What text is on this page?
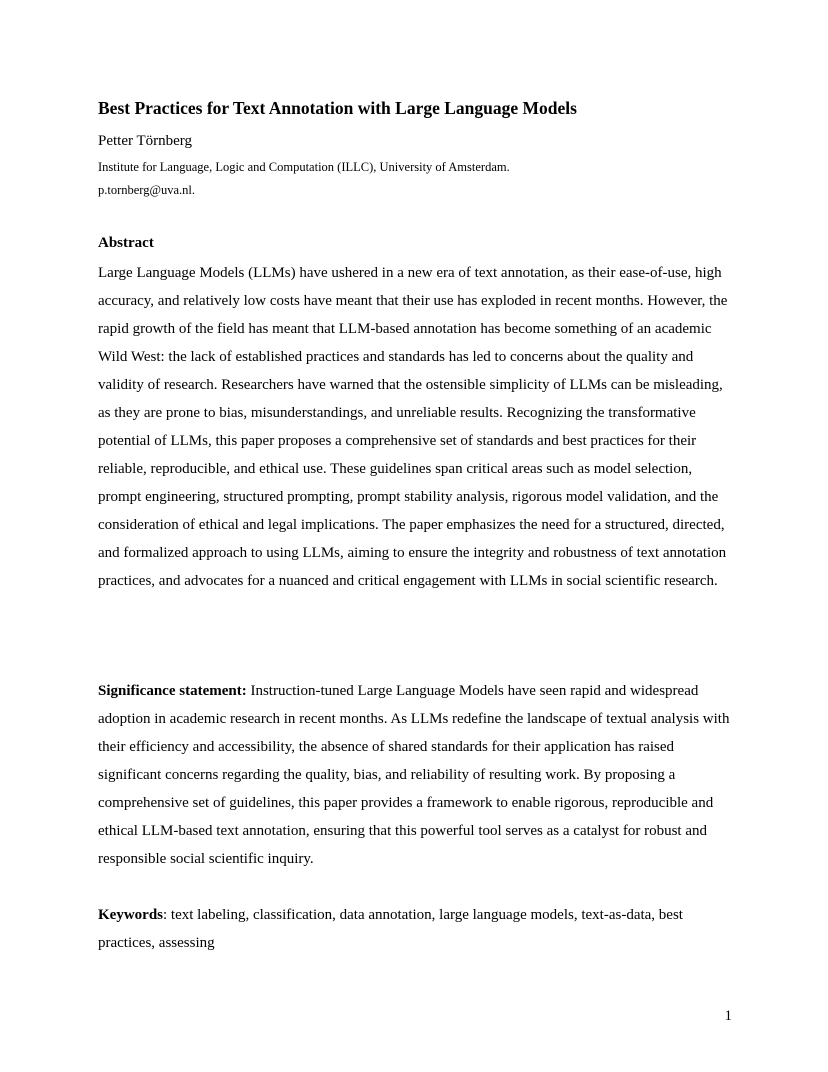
Best Practices for Text Annotation with Large Language Models
Petter Törnberg
Institute for Language, Logic and Computation (ILLC), University of Amsterdam.
p.tornberg@uva.nl.
Abstract

Large Language Models (LLMs) have ushered in a new era of text annotation, as their ease-of-use, high accuracy, and relatively low costs have meant that their use has exploded in recent months. However, the rapid growth of the field has meant that LLM-based annotation has become something of an academic Wild West: the lack of established practices and standards has led to concerns about the quality and validity of research. Researchers have warned that the ostensible simplicity of LLMs can be misleading, as they are prone to bias, misunderstandings, and unreliable results. Recognizing the transformative potential of LLMs, this paper proposes a comprehensive set of standards and best practices for their reliable, reproducible, and ethical use. These guidelines span critical areas such as model selection, prompt engineering, structured prompting, prompt stability analysis, rigorous model validation, and the consideration of ethical and legal implications. The paper emphasizes the need for a structured, directed, and formalized approach to using LLMs, aiming to ensure the integrity and robustness of text annotation practices, and advocates for a nuanced and critical engagement with LLMs in social scientific research.

Significance statement: Instruction-tuned Large Language Models have seen rapid and widespread adoption in academic research in recent months. As LLMs redefine the landscape of textual analysis with their efficiency and accessibility, the absence of shared standards for their application has raised significant concerns regarding the quality, bias, and reliability of resulting work. By proposing a comprehensive set of guidelines, this paper provides a framework to enable rigorous, reproducible and ethical LLM-based text annotation, ensuring that this powerful tool serves as a catalyst for robust and responsible social scientific inquiry.

Keywords: text labeling, classification, data annotation, large language models, text-as-data, best practices, assessing

1
